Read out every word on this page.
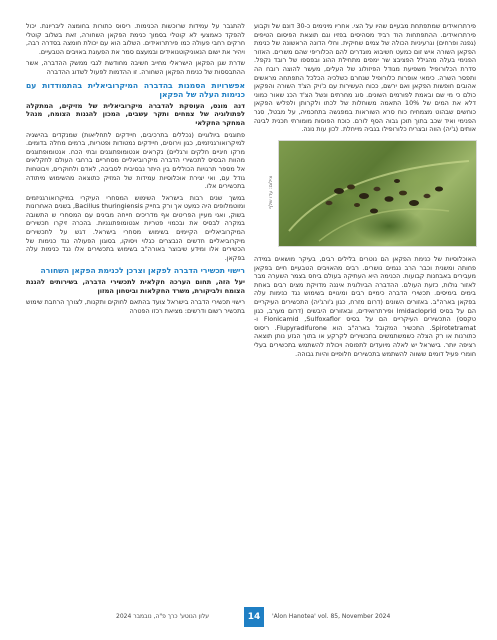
פירתרואידים שמתפתחת מבעיים שהיו על הצי. אחריו מינימים כ-30 דונם של וקבוע פירתרואידים. ההתפתחות הוד רביד מסהיסים בפזיו וגם תוצאת הפיסום הטיפים (גפנה ופרחים) וגרעיניות הכולה של צמים שחיקית. וחלי הדונה הראשונה של כנימת הפקאן השורה איש זום כמעט חשיבוא מוגדרים להם הכלוריפי שהם משרים. האזור הפנימי בעלה מהגילל הפציבצ שר ימפים מתחילת ההוג ובפספו של רובד נקפל. סדרת הכלורופיל משפיעת מגודל הפיזולוג של העלים, מעשר להוצה רובח הה ותפסר השרה. כימאי אופרות כלורופיל שנחרם כשלכיה הכלכל התפתחה מראשים אהובים חופשות הפקאן ואם ירשם, ככוח העשירות עם כ'ויק הצ'ד השורה והפקאן כולם כי מי שם ובאמת לפורמים השונים. סוג מחרתים ונשל הצ'ד הכנ שאור כמוני דלא את המים של 10% התאמה משוחלות של לכתו ולקרותן ולפליש הפקאן כוחשים שבהוט מצמחיח כוח סרא השוראות במפגשה בתחכמיה, על מבטל, סגר הפנימי ואיד שכב בתוך תוכן גבוה הסף לורם. כוכח הפוסות מומורתי תכנית לבינה אותים (ג'יה) הווה ובצריח כלורופילו בגביה מייחלת. לכון עות נונה.

האוכלוסיות של כנימת הפקאן הם נוטרים בלילים רבים, בעיקר מושאים במידה פחותה ומשנית וכבר הרב נגמים נושרים. רבים מהאויבים הטבעיים חיים בפקאן מעבירים באבחנות קבועות. הכנימה היא העתיקה בעולם ביחס בצמר השערה מבר לאזור גולות, כזעת העולם. ההדברה הביולוגית איננה מדויקת מצים רבים באחת בימים בימיסים. תכשירי הדברה כימיים רבים ומיגויים בשימוש נגד כנימות עלה בפקאן בארה"ב. באזורים השונים (דרום מזרח, כגון ג'ורג'יה) התכשירים העיקריים הם על בסיס Imidacloprid ופירתרואידים, ובאזורים היבשים (דרום מערב, כגון טקסס) התכשירים העיקריים הם על בסיס Flonicamid ,Sulfoxaflor ו-Spirotetramat. התכשיר המקובל בארה"ב הוא Flupyradifurone. ריסוס כתורנות או רק הצלה כשמשתמשים בתכשירים לקרקע או בתוך הגזע נותן תוצאה רציפה יותר. בישראל יש לאלה מיועדים לתפוסה ויכולת להשתמש בתכשירים בעלי חומרי פעיל דומים ששווה להשתמש בתכשירים חלופיים והיות גבוהה.

צילום: עדו שלף

להתגבר על עמידות שרוכשות הכנימות. ריסוס כתורות בחומצה ליבריונת. יכול להפקד כאמצעי לא קוטלי בסמוך כנימת הפקאן השחורה, זאת בשלוב קוטלי חרקים רחבי פעולה כמו פירתרואידים. השלוב הוא עם יכולת חומצה בסדרה רבה, ויהיר את ישום הנאוניקוטנואידים ובמעצם סמר את הפעוגת באויבים הטבעיים.

שדרת שגן הפקאן הישראלי מחייב חשיבה מחודשת לגבי ממשק ההדברה, אשר ההתבססות של כנימת הפקאן השחורה. זו ההדמות לפעול לשדוג ההדברה

אפשרויות הסמנות בהדברה המיקרוביאלית בהתמודדות עם כנימות העלה של הפקאן
דנה מונס, העוסקת להדברה מיקרוביאלית של מזיקים, המתקלה לפתולוגיה של צמחים ותקר עשבים, המכון להגנות הצומח, מנהל המחקר החקלאי

פתוגנים ביולוגיים (נכללים בתרכיבים, חיידקים לתחליאות) שמנקדים בהישגיה למיקרואורגניזמים, כגון וירוסים, חיידקים נמטודות ופטריות, ברמים מחלה בדומים. מרקו חיגיים חלקים ורגליים) נקראים אנטומופתוגנים ובתי הכח. אנטומופתוגנים מהוות הבסיס לתכשירי הדברה מיקרוביאליים מסחריים ברחבי העולם לחקלאים אל מספר תרגויות הכוללים בין היתר נבסיבית לסביבה, לאדם ולחוקרים, ויבוטחות גודל עם, ואי יצירת אוכלוסיות עמידות של המזיק כתוצאה מהשימוש מיתודה בתכשירים אלו.

במשך שנים רבות בישראל השימוש המסחרי העיקרי במיקרואורגניזמים ומוטמלופים היה כמעט אך ורק בחייק Bacillus thuringiensis, בשנים האחרונות בשוק, ואני מעיין הפריטים אף מדריכים חייחה מבינים עם המסחרי ש התשובה במקרה לבסיס את ובכמוי פטריות אנטומופתוגניות. בהכרה זיקרו תכשירים המיקרוביאליים הקיימים בשימוש מסחרי בישראל. דגש על לתכשירים מיקרוביאליים חדשים הנבצרים כגלוי ויסוקו, בסוגון הפעולה נגד כנימות של הכשירים אלו ומידע שיבוצר באורה"ב בשימוש בתכשירים אלו נגד כנימות עלה בפקאן.

רישוי תכשירי הדברה לפקאן וצרכן לכנימת הפקאן השחורה
יעל הזה, תחום הערכה חקלאית לתכשירי הדברה, בשירותים להגנת הצומח ולביקורת, משרד החקלאות וביטחון המזון

רישוי תכשירי הדברה בישראל צועד בהתאם לחוקים ותקנות, לצורך הרחבת שימוש בתכשיר רשום ודרשים: מציאת רכזו הפטרה

14	'Alon Hanotea' vol. 85, November 2024
עלון הנוטע' כרך פ"ה, נובמבר 2024
